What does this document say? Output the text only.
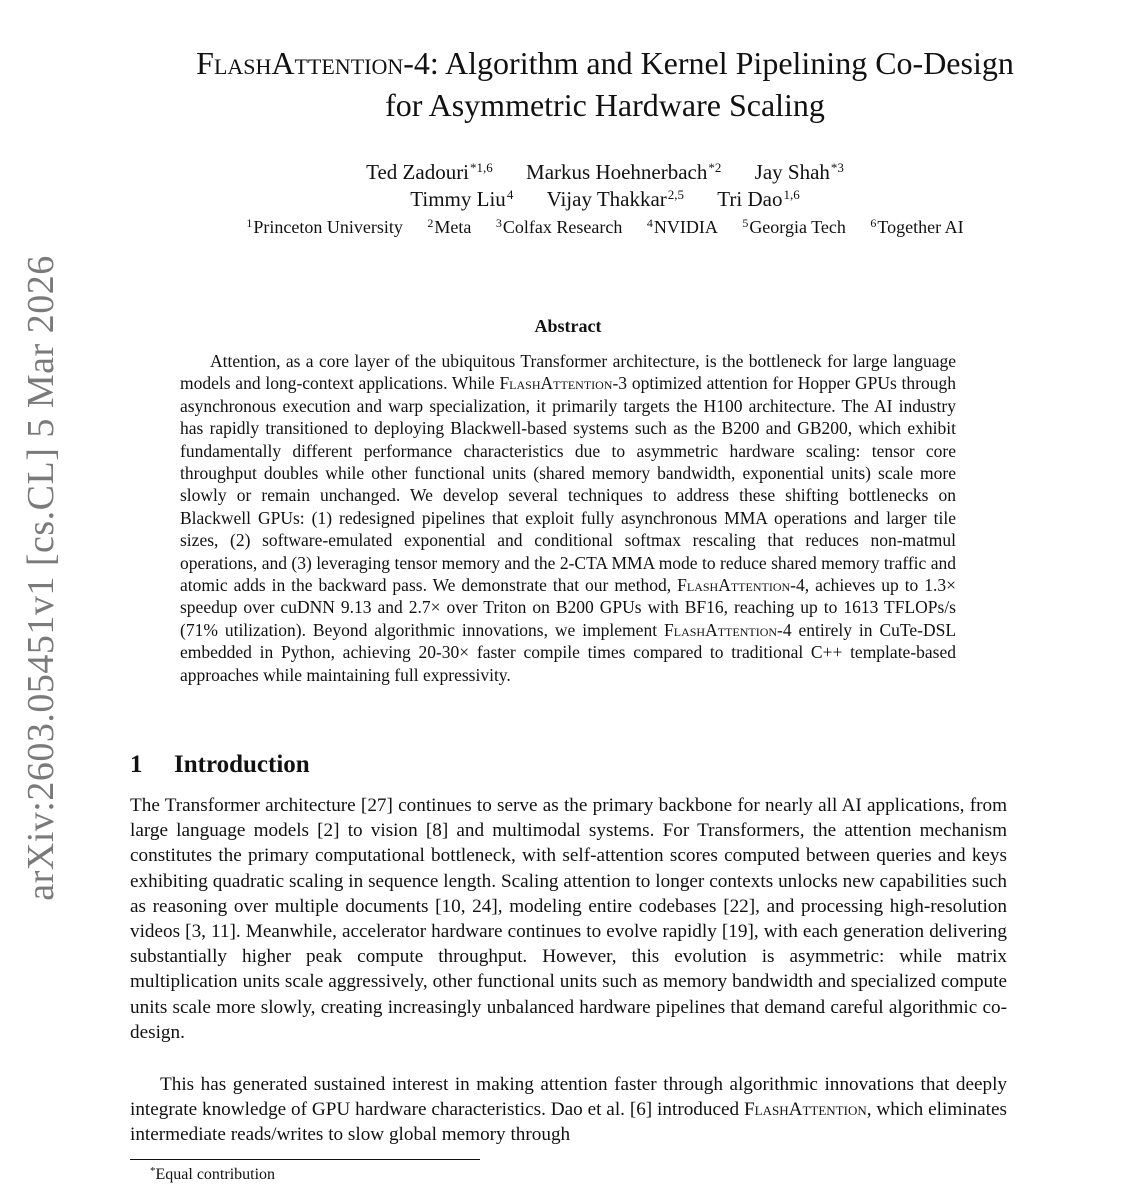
arXiv:2603.05451v1 [cs.CL] 5 Mar 2026
FlashAttention-4: Algorithm and Kernel Pipelining Co-Design
for Asymmetric Hardware Scaling
Ted Zadouri$^{*1,6}$ Markus Hoehnerbach$^{*2}$ Jay Shah$^{*3}$
Timmy Liu$^4$ Vijay Thakkar$^{2,5}$ Tri Dao$^{1,6}$
$^1$Princeton University $^2$Meta $^3$Colfax Research $^4$NVIDIA $^5$Georgia Tech $^6$Together AI
Abstract

Attention, as a core layer of the ubiquitous Transformer architecture, is the bottleneck for large language models and long-context applications. While FlashAttention-3 optimized attention for Hopper GPUs through asynchronous execution and warp specialization, it primarily targets the H100 architecture. The AI industry has rapidly transitioned to deploying Blackwell-based systems such as the B200 and GB200, which exhibit fundamentally different performance characteristics due to asymmetric hardware scaling: tensor core throughput doubles while other functional units (shared memory bandwidth, exponential units) scale more slowly or remain unchanged. We develop several techniques to address these shifting bottlenecks on Blackwell GPUs: (1) redesigned pipelines that exploit fully asynchronous MMA operations and larger tile sizes, (2) software-emulated exponential and conditional softmax rescaling that reduces non-matmul operations, and (3) leveraging tensor memory and the 2-CTA MMA mode to reduce shared memory traffic and atomic adds in the backward pass. We demonstrate that our method, FlashAttention-4, achieves up to 1.3× speedup over cuDNN 9.13 and 2.7× over Triton on B200 GPUs with BF16, reaching up to 1613 TFLOPs/s (71% utilization). Beyond algorithmic innovations, we implement FlashAttention-4 entirely in CuTe-DSL embedded in Python, achieving 20-30× faster compile times compared to traditional C++ template-based approaches while maintaining full expressivity.

1 Introduction

The Transformer architecture [27] continues to serve as the primary backbone for nearly all AI applications, from large language models [2] to vision [8] and multimodal systems. For Transformers, the attention mechanism constitutes the primary computational bottleneck, with self-attention scores computed between queries and keys exhibiting quadratic scaling in sequence length. Scaling attention to longer contexts unlocks new capabilities such as reasoning over multiple documents [10, 24], modeling entire codebases [22], and processing high-resolution videos [3, 11]. Meanwhile, accelerator hardware continues to evolve rapidly [19], with each generation delivering substantially higher peak compute throughput. However, this evolution is asymmetric: while matrix multiplication units scale aggressively, other functional units such as memory bandwidth and specialized compute units scale more slowly, creating increasingly unbalanced hardware pipelines that demand careful algorithmic co-design.

This has generated sustained interest in making attention faster through algorithmic innovations that deeply integrate knowledge of GPU hardware characteristics. Dao et al. [6] introduced FlashAttention, which eliminates intermediate reads/writes to slow global memory through

*Equal contribution
